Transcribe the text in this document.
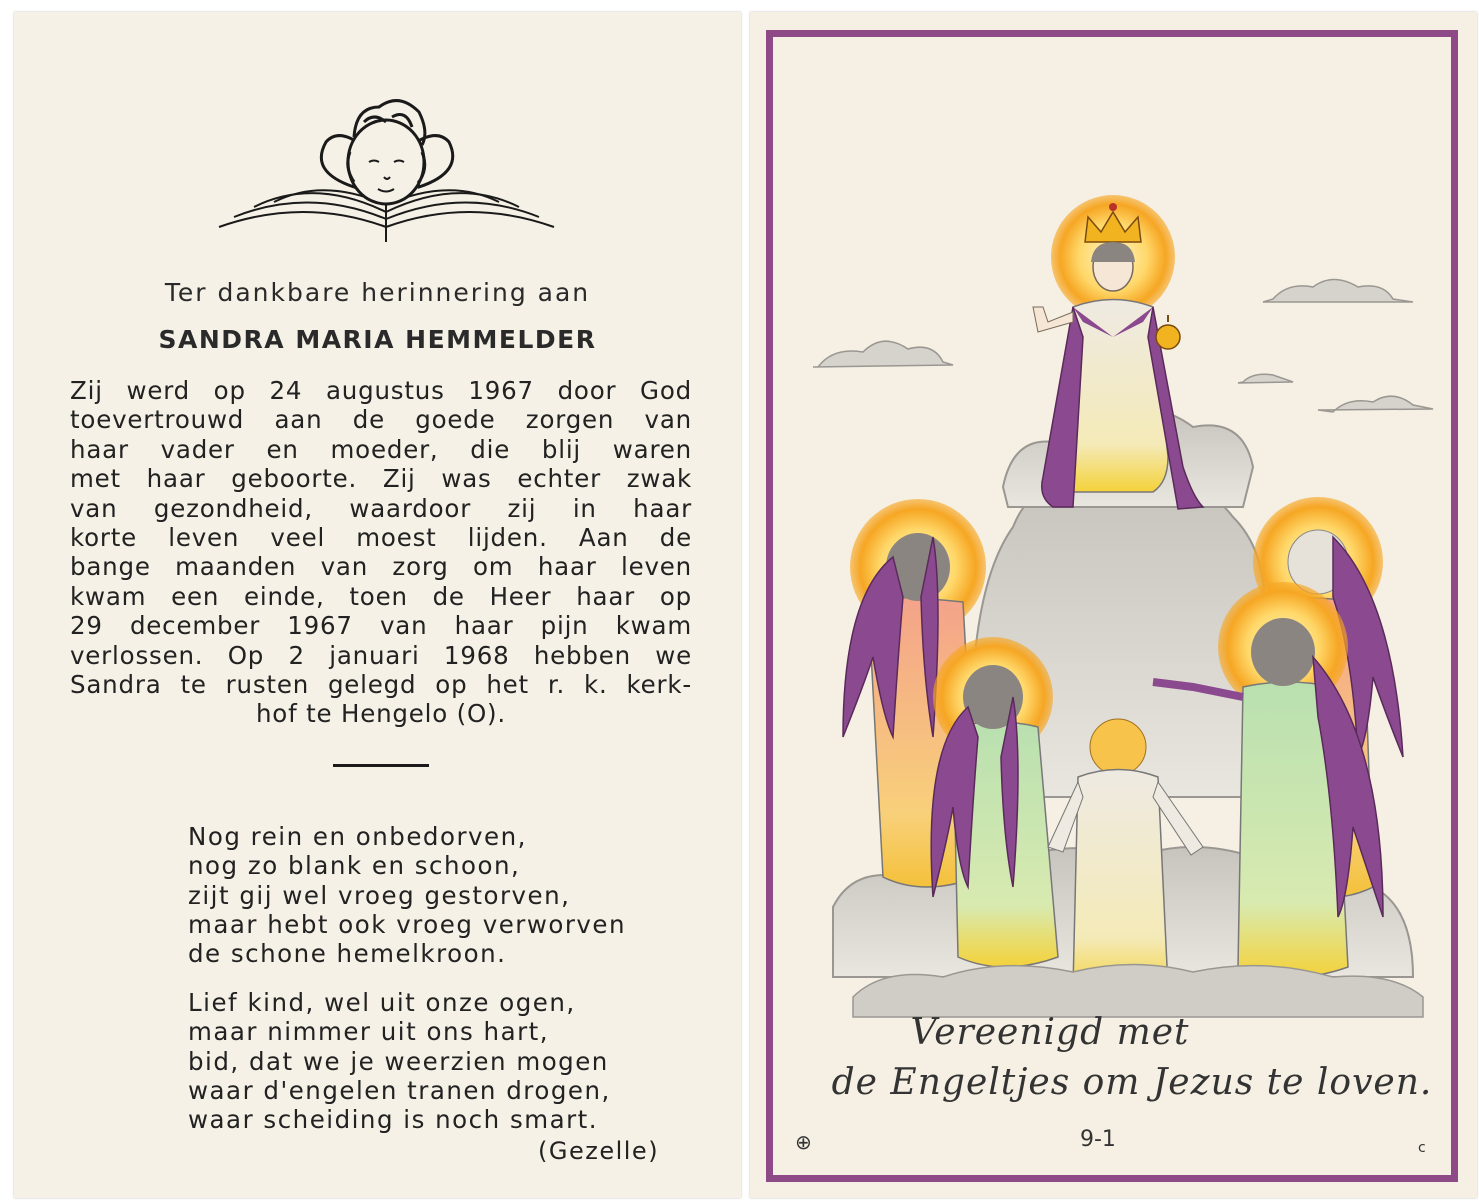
Ter dankbare herinnering aan
SANDRA MARIA HEMMELDER
Zij werd op 24 augustus 1967 door God
toevertrouwd aan de goede zorgen van
haar vader en moeder, die blij waren
met haar geboorte. Zij was echter zwak
van gezondheid, waardoor zij in haar
korte leven veel moest lijden. Aan de
bange maanden van zorg om haar leven
kwam een einde, toen de Heer haar op
29 december 1967 van haar pijn kwam
verlossen. Op 2 januari 1968 hebben we
Sandra te rusten gelegd op het r. k. kerk-
hof te Hengelo (O).
Nog rein en onbedorven,
nog zo blank en schoon,
zijt gij wel vroeg gestorven,
maar hebt ook vroeg verworven
de schone hemelkroon.
Lief kind, wel uit onze ogen,
maar nimmer uit ons hart,
bid, dat we je weerzien mogen
waar d'engelen tranen drogen,
waar scheiding is noch smart.
(Gezelle)
Vereenigd met
de Engeltjes om Jezus te loven.
9-1
⊕	c
